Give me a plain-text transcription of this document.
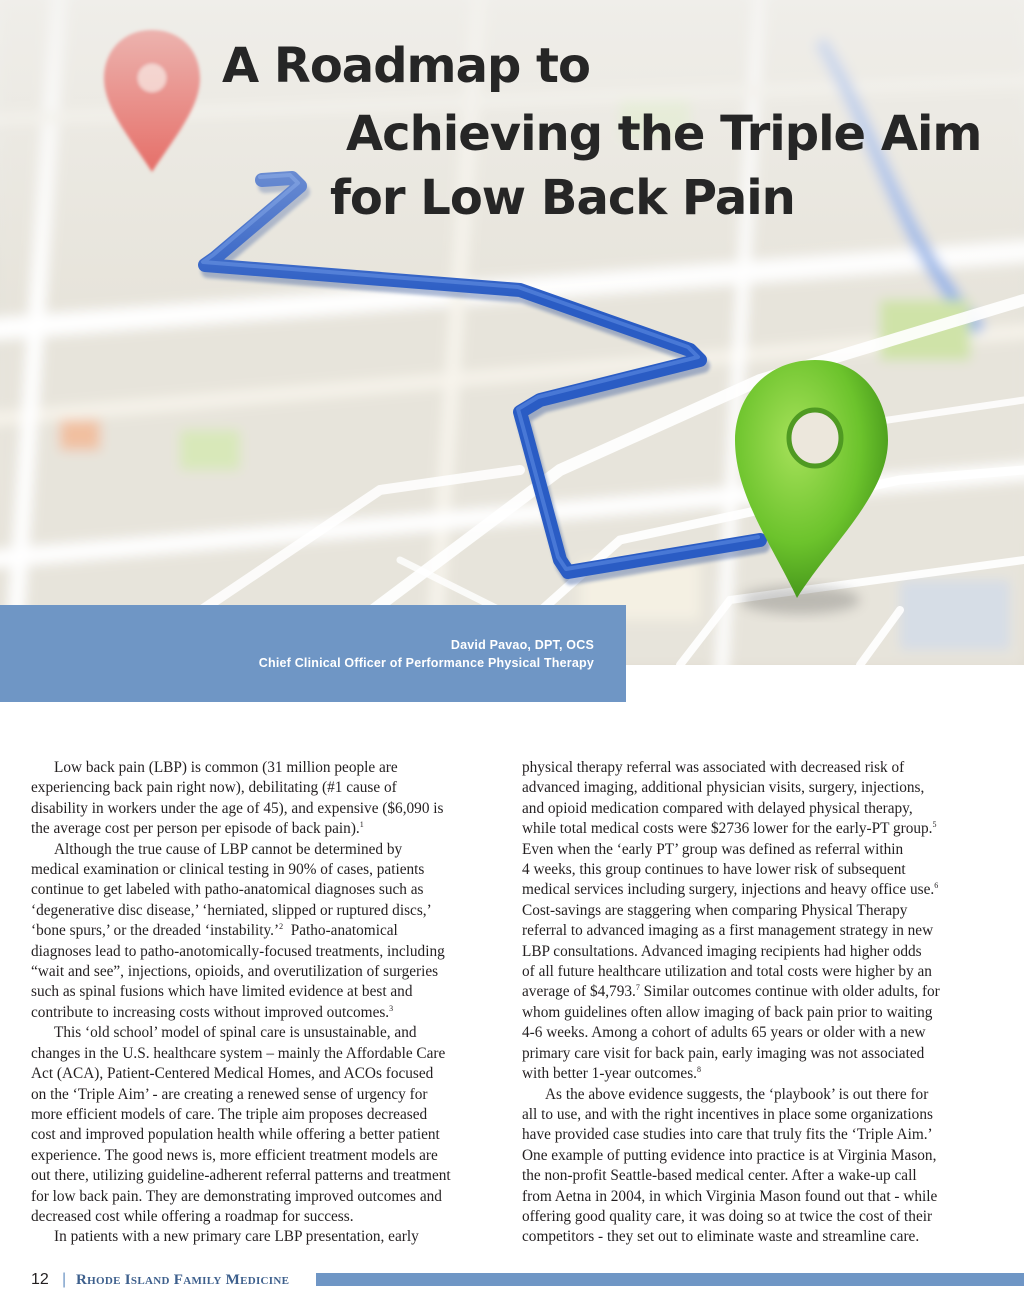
A Roadmap to
Achieving the Triple Aim
for Low Back Pain
David Pavao, DPT, OCS
Chief Clinical Officer of Performance Physical Therapy

Low back pain (LBP) is common (31 million people are
experiencing back pain right now), debilitating (#1 cause of
disability in workers under the age of 45), and expensive ($6,090 is
the average cost per person per episode of back pain).$^1$

Although the true cause of LBP cannot be determined by
medical examination or clinical testing in 90% of cases, patients
continue to get labeled with patho-anatomical diagnoses such as
‘degenerative disc disease,’ ‘herniated, slipped or ruptured discs,’
‘bone spurs,’ or the dreaded ‘instability.’$^2$ Patho-anatomical
diagnoses lead to patho-anotomically-focused treatments, including
“wait and see”, injections, opioids, and overutilization of surgeries
such as spinal fusions which have limited evidence at best and
contribute to increasing costs without improved outcomes.$^3$

This ‘old school’ model of spinal care is unsustainable, and
changes in the U.S. healthcare system – mainly the Affordable Care
Act (ACA), Patient-Centered Medical Homes, and ACOs focused
on the ‘Triple Aim’ - are creating a renewed sense of urgency for
more efficient models of care. The triple aim proposes decreased
cost and improved population health while offering a better patient
experience. The good news is, more efficient treatment models are
out there, utilizing guideline-adherent referral patterns and treatment
for low back pain. They are demonstrating improved outcomes and
decreased cost while offering a roadmap for success.

In patients with a new primary care LBP presentation, early

physical therapy referral was associated with decreased risk of
advanced imaging, additional physician visits, surgery, injections,
and opioid medication compared with delayed physical therapy,
while total medical costs were $2736 lower for the early-PT group.$^5$
Even when the ‘early PT’ group was defined as referral within
4 weeks, this group continues to have lower risk of subsequent
medical services including surgery, injections and heavy office use.$^6$
Cost-savings are staggering when comparing Physical Therapy
referral to advanced imaging as a first management strategy in new
LBP consultations. Advanced imaging recipients had higher odds
of all future healthcare utilization and total costs were higher by an
average of $4,793.$^7$ Similar outcomes continue with older adults, for
whom guidelines often allow imaging of back pain prior to waiting
4-6 weeks. Among a cohort of adults 65 years or older with a new
primary care visit for back pain, early imaging was not associated
with better 1-year outcomes.$^8$

As the above evidence suggests, the ‘playbook’ is out there for
all to use, and with the right incentives in place some organizations
have provided case studies into care that truly fits the ‘Triple Aim.’
One example of putting evidence into practice is at Virginia Mason,
the non-profit Seattle-based medical center. After a wake-up call
from Aetna in 2004, in which Virginia Mason found out that - while
offering good quality care, it was doing so at twice the cost of their
competitors - they set out to eliminate waste and streamline care.

12 | Rhode Island Family Medicine
